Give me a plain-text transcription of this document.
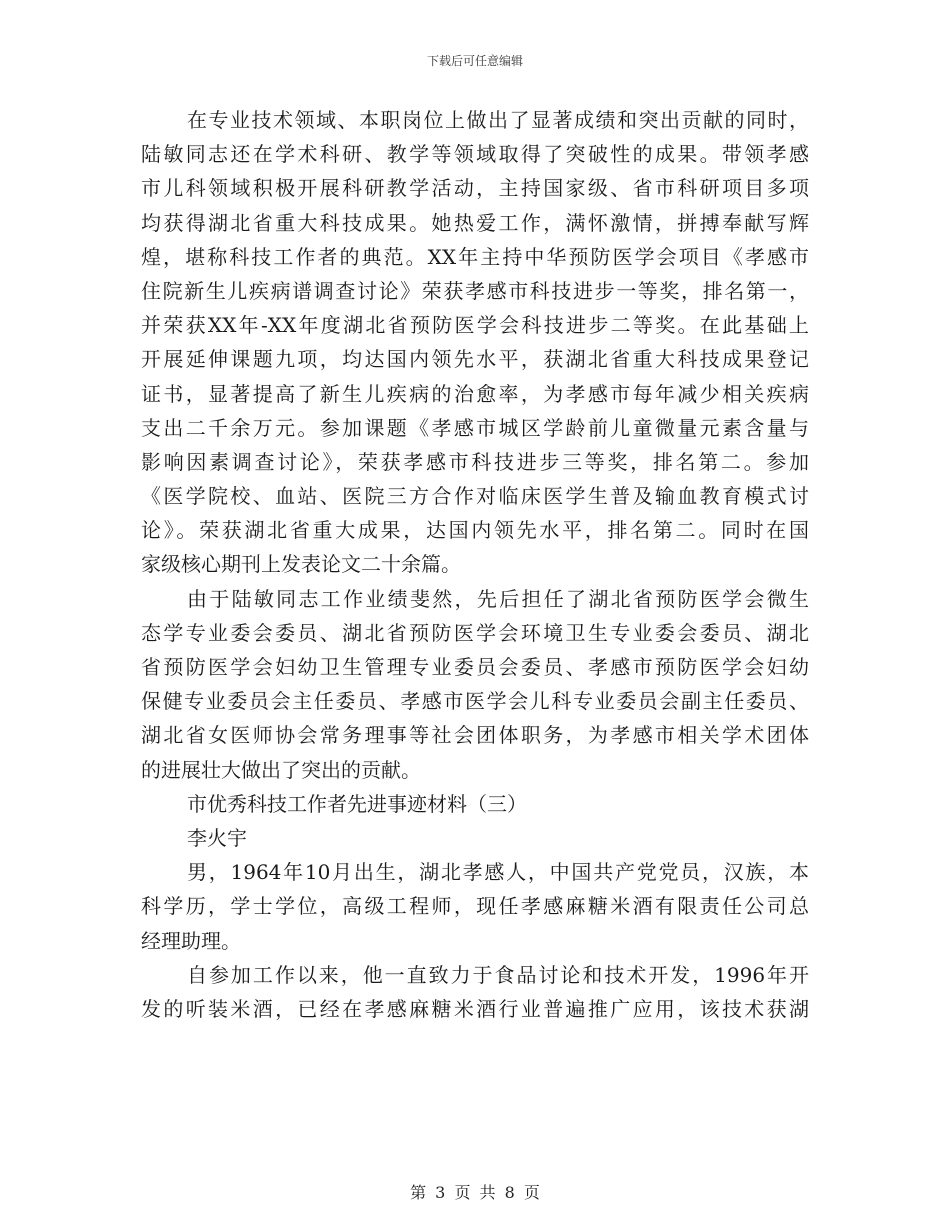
下载后可任意编辑
在专业技术领域、本职岗位上做出了显著成绩和突出贡献的同时，
陆敏同志还在学术科研、教学等领域取得了突破性的成果。带领孝感
市儿科领域积极开展科研教学活动，主持国家级、省市科研项目多项
均获得湖北省重大科技成果。她热爱工作，满怀激情，拼搏奉献写辉
煌，堪称科技工作者的典范。XX年主持中华预防医学会项目《孝感市
住院新生儿疾病谱调查讨论》荣获孝感市科技进步一等奖，排名第一，
并荣获XX年-XX年度湖北省预防医学会科技进步二等奖。在此基础上
开展延伸课题九项，均达国内领先水平，获湖北省重大科技成果登记
证书，显著提高了新生儿疾病的治愈率，为孝感市每年减少相关疾病
支出二千余万元。参加课题《孝感市城区学龄前儿童微量元素含量与
影响因素调查讨论》，荣获孝感市科技进步三等奖，排名第二。参加
《医学院校、血站、医院三方合作对临床医学生普及输血教育模式讨
论》。荣获湖北省重大成果，达国内领先水平，排名第二。同时在国
家级核心期刊上发表论文二十余篇。
由于陆敏同志工作业绩斐然，先后担任了湖北省预防医学会微生
态学专业委会委员、湖北省预防医学会环境卫生专业委会委员、湖北
省预防医学会妇幼卫生管理专业委员会委员、孝感市预防医学会妇幼
保健专业委员会主任委员、孝感市医学会儿科专业委员会副主任委员、
湖北省女医师协会常务理事等社会团体职务，为孝感市相关学术团体
的进展壮大做出了突出的贡献。
市优秀科技工作者先进事迹材料（三）
李火宇
男，1964年10月出生，湖北孝感人，中国共产党党员，汉族，本
科学历，学士学位，高级工程师，现任孝感麻糖米酒有限责任公司总
经理助理。
自参加工作以来，他一直致力于食品讨论和技术开发，1996年开
发的听装米酒，已经在孝感麻糖米酒行业普遍推广应用，该技术获湖
第 3 页 共 8 页
